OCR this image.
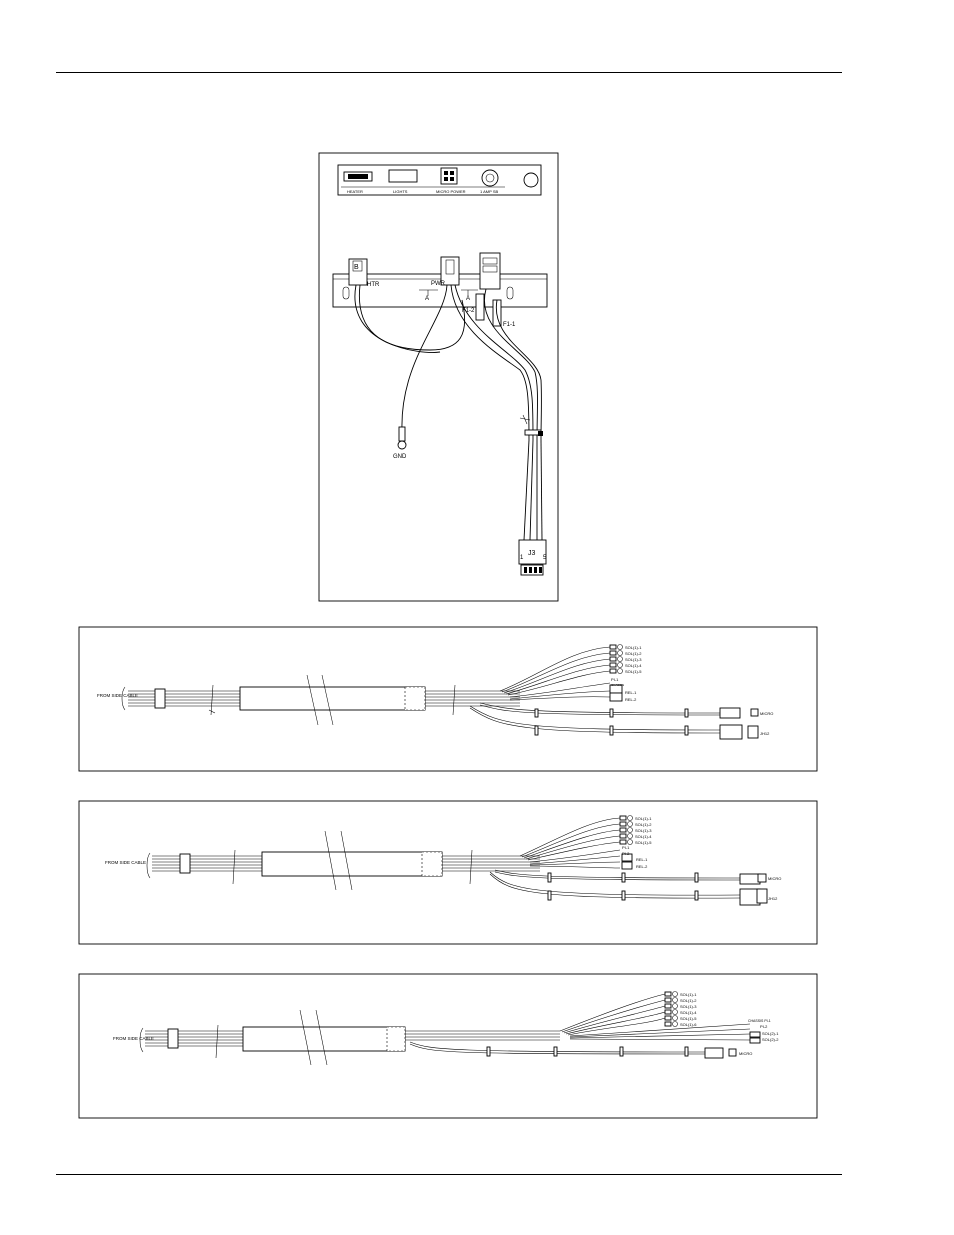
HEATER	LIGHTS	MICRO POWER	1 AMP SB
B
HTR	PWR
F1-2
F1-1
A	A
GND
J3
1	5
FROM SIDE CABLE
SOL(1)-1
SOL(1)-2
SOL(1)-3
SOL(1)-4
SOL(1)-5
PI-1
CHASSIS
REL-1
REL-2
MICRO
JH12
FROM SIDE CABLE
SOL(1)-1
SOL(1)-2
SOL(1)-3
SOL(1)-4
SOL(1)-5
PI-1
PI-2
REL-1
REL-2
MICRO
JH12
FROM SIDE CABLE
SOL(1)-1
SOL(1)-2
SOL(1)-3
SOL(1)-4
SOL(1)-5
SOL(1)-6
CHASSIS PI-1
PI-2
SOL(2)-1
SOL(2)-2
MICRO
